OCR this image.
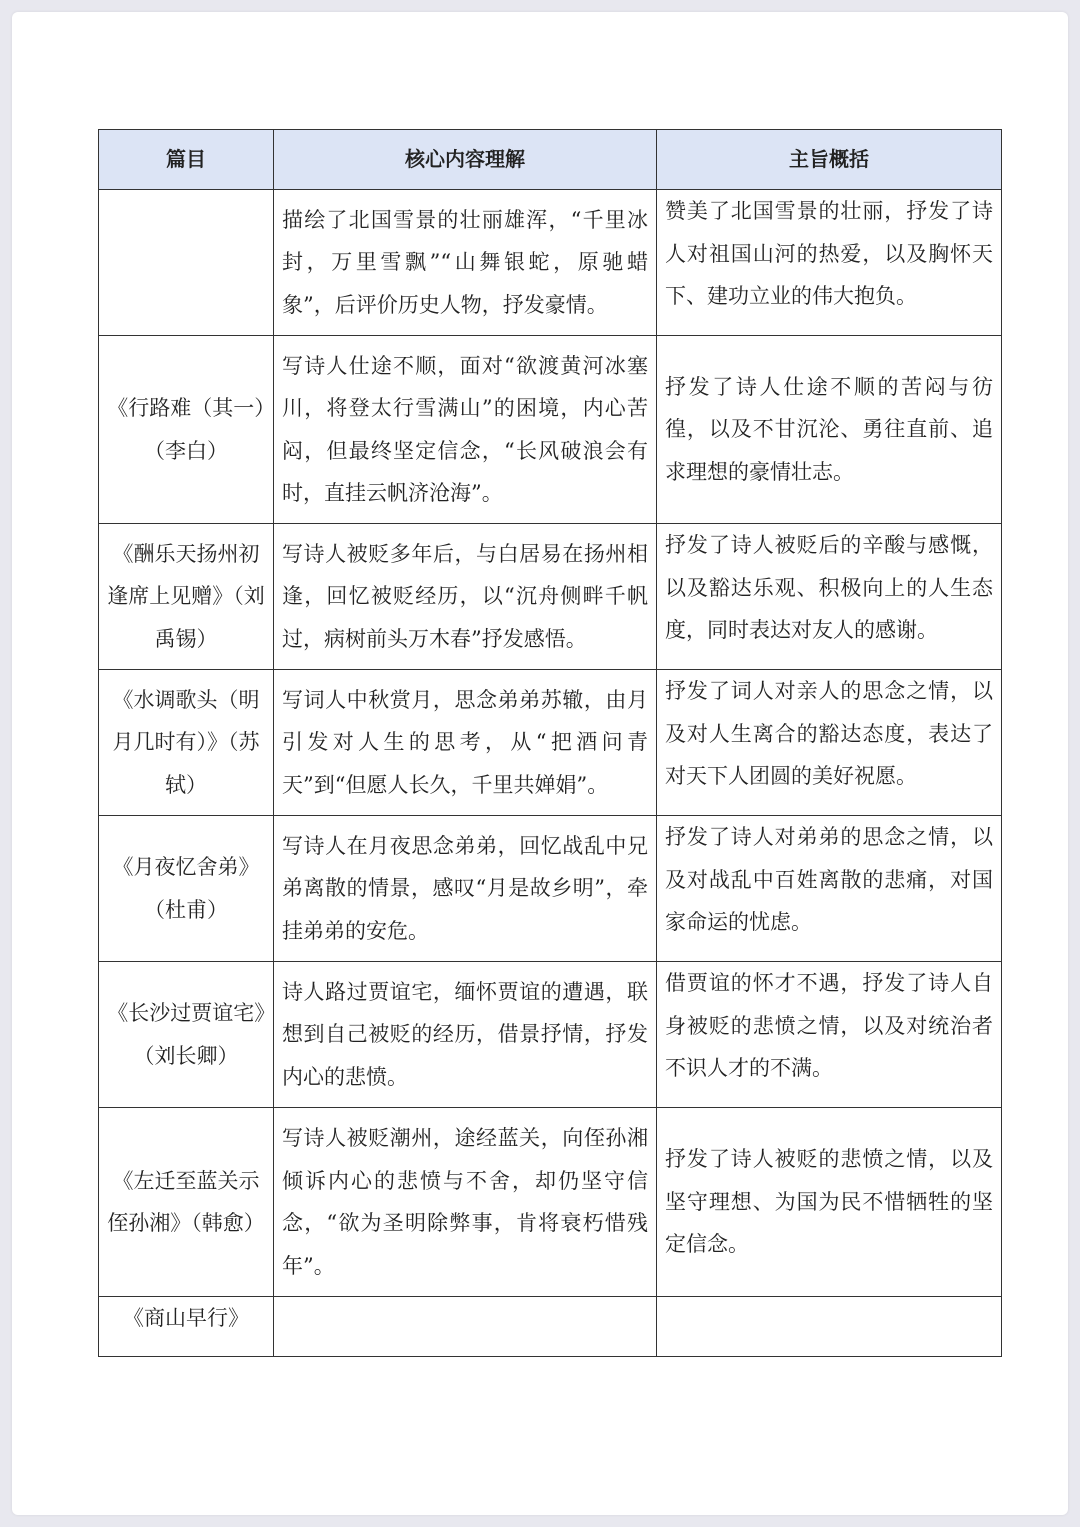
篇目	核心内容理解	主旨概括
	描绘了北国雪景的壮丽雄浑，“千里冰封，万里雪飘”“山舞银蛇，原驰蜡象”，后评价历史人物，抒发豪情。	赞美了北国雪景的壮丽，抒发了诗人对祖国山河的热爱，以及胸怀天下、建功立业的伟大抱负。
《行路难（其一）（李白）	写诗人仕途不顺，面对“欲渡黄河冰塞川，将登太行雪满山”的困境，内心苦闷，但最终坚定信念，“长风破浪会有时，直挂云帆济沧海”。	抒发了诗人仕途不顺的苦闷与彷徨，以及不甘沉沦、勇往直前、追求理想的豪情壮志。
《酬乐天扬州初逢席上见赠》（刘禹锡）	写诗人被贬多年后，与白居易在扬州相逢，回忆被贬经历，以“沉舟侧畔千帆过，病树前头万木春”抒发感悟。	抒发了诗人被贬后的辛酸与感慨，以及豁达乐观、积极向上的人生态度，同时表达对友人的感谢。
《水调歌头（明月几时有）》（苏轼）	写词人中秋赏月，思念弟弟苏辙，由月引发对人生的思考，从“把酒问青天”到“但愿人长久，千里共婵娟”。	抒发了词人对亲人的思念之情，以及对人生离合的豁达态度，表达了对天下人团圆的美好祝愿。
《月夜忆舍弟》（杜甫）	写诗人在月夜思念弟弟，回忆战乱中兄弟离散的情景，感叹“月是故乡明”，牵挂弟弟的安危。	抒发了诗人对弟弟的思念之情，以及对战乱中百姓离散的悲痛，对国家命运的忧虑。
《长沙过贾谊宅》（刘长卿）	诗人路过贾谊宅，缅怀贾谊的遭遇，联想到自己被贬的经历，借景抒情，抒发内心的悲愤。	借贾谊的怀才不遇，抒发了诗人自身被贬的悲愤之情，以及对统治者不识人才的不满。
《左迁至蓝关示侄孙湘》（韩愈）	写诗人被贬潮州，途经蓝关，向侄孙湘倾诉内心的悲愤与不舍，却仍坚守信念，“欲为圣明除弊事，肯将衰朽惜残年”。	抒发了诗人被贬的悲愤之情，以及坚守理想、为国为民不惜牺牲的坚定信念。
《商山早行》		
